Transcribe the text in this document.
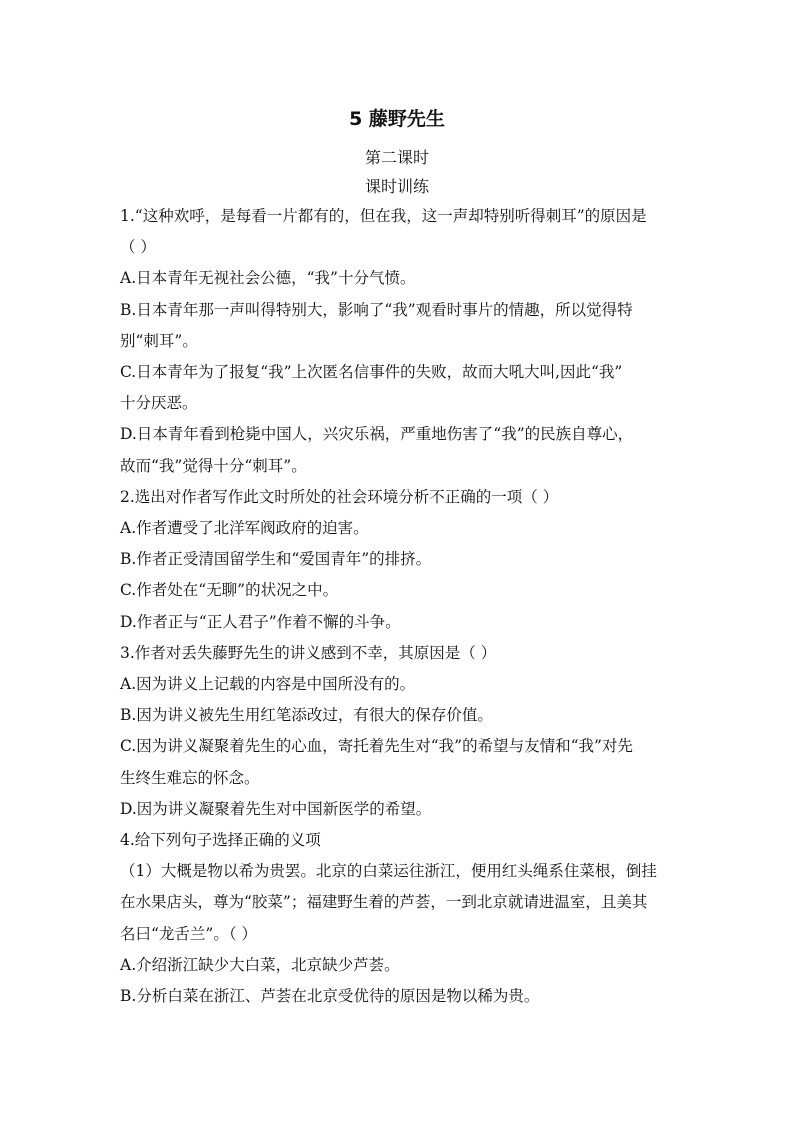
5 藤野先生
第二课时
课时训练
1.“这种欢呼，是每看一片都有的，但在我，这一声却特别听得刺耳”的原因是
（ ）
A.日本青年无视社会公德，“我”十分气愤。
B.日本青年那一声叫得特别大，影响了“我”观看时事片的情趣，所以觉得特
别“刺耳”。
C.日本青年为了报复“我”上次匿名信事件的失败，故而大吼大叫,因此“我”
十分厌恶。
D.日本青年看到枪毙中国人，兴灾乐祸，严重地伤害了“我”的民族自尊心，
故而“我”觉得十分“刺耳”。
2.选出对作者写作此文时所处的社会环境分析不正确的一项（ ）
A.作者遭受了北洋军阀政府的迫害。
B.作者正受清国留学生和“爱国青年”的排挤。
C.作者处在“无聊”的状况之中。
D.作者正与“正人君子”作着不懈的斗争。
3.作者对丢失藤野先生的讲义感到不幸，其原因是（ ）
A.因为讲义上记载的内容是中国所没有的。
B.因为讲义被先生用红笔添改过，有很大的保存价值。
C.因为讲义凝聚着先生的心血，寄托着先生对“我”的希望与友情和“我”对先
生终生难忘的怀念。
D.因为讲义凝聚着先生对中国新医学的希望。
4.给下列句子选择正确的义项
（1）大概是物以希为贵罢。北京的白菜运往浙江，便用红头绳系住菜根，倒挂
在水果店头，尊为“胶菜”；福建野生着的芦荟，一到北京就请进温室，且美其
名曰“龙舌兰”。（ ）
A.介绍浙江缺少大白菜，北京缺少芦荟。
B.分析白菜在浙江、芦荟在北京受优待的原因是物以稀为贵。
